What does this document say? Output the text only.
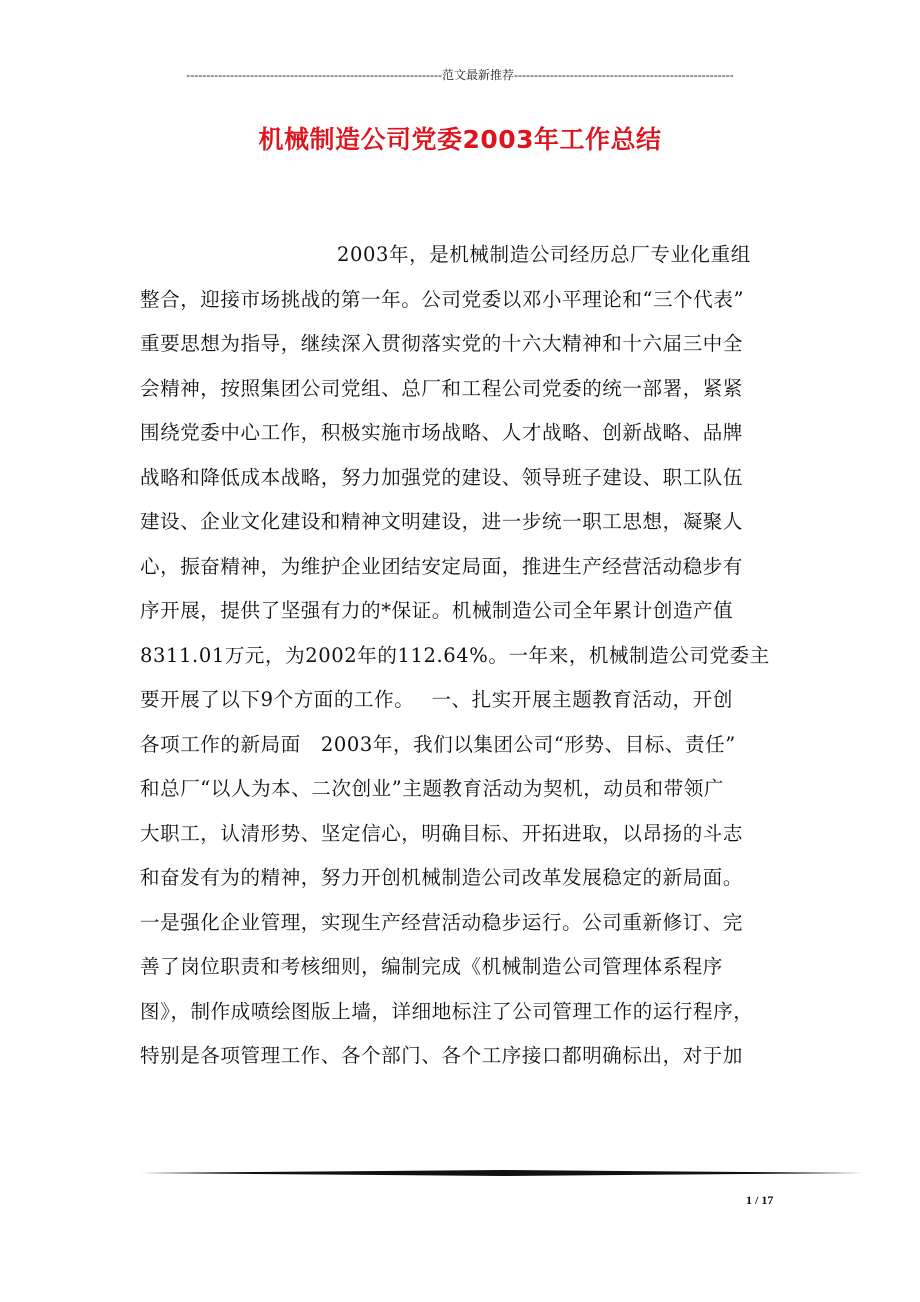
----------------------------------------------------------------范文最新推荐-------------------------------------------------------
机械制造公司党委2003年工作总结
2003年，是机械制造公司经历总厂专业化重组
整合，迎接市场挑战的第一年。公司党委以邓小平理论和“三个代表”
重要思想为指导，继续深入贯彻落实党的十六大精神和十六届三中全
会精神，按照集团公司党组、总厂和工程公司党委的统一部署，紧紧
围绕党委中心工作，积极实施市场战略、人才战略、创新战略、品牌
战略和降低成本战略，努力加强党的建设、领导班子建设、职工队伍
建设、企业文化建设和精神文明建设，进一步统一职工思想，凝聚人
心，振奋精神，为维护企业团结安定局面，推进生产经营活动稳步有
序开展，提供了坚强有力的*保证。机械制造公司全年累计创造产值
8311.01万元，为2002年的112.64%。一年来，机械制造公司党委主
要开展了以下9个方面的工作。　 一、扎实开展主题教育活动，开创
各项工作的新局面　2003年，我们以集团公司“形势、目标、责任”
和总厂“以人为本、二次创业”主题教育活动为契机，动员和带领广
大职工，认清形势、坚定信心，明确目标、开拓进取，以昂扬的斗志
和奋发有为的精神，努力开创机械制造公司改革发展稳定的新局面。
一是强化企业管理，实现生产经营活动稳步运行。公司重新修订、完
善了岗位职责和考核细则，编制完成《机械制造公司管理体系程序
图》，制作成喷绘图版上墙，详细地标注了公司管理工作的运行程序，
特别是各项管理工作、各个部门、各个工序接口都明确标出，对于加
1 / 17
